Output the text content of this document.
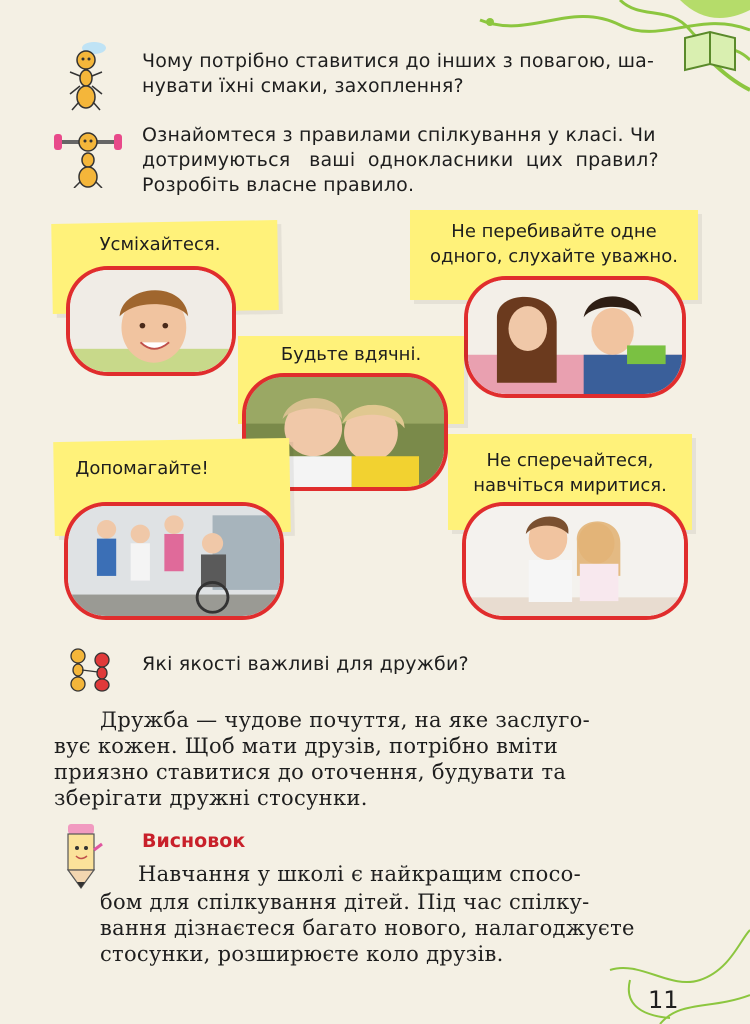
Чому потрібно ставитися до інших з повагою, ша-
нувати їхні смаки, захоплення?
Ознайомтеся з правилами спілкування у класі. Чи
дотримуються   ваші  однокласники  цих  правил?
Розробіть власне правило.
Усміхайтеся.
Не перебивайте одне
одного, слухайте уважно.
Будьте вдячні.
Допомагайте!	Не сперечайтеся,
навчіться миритися.
Які якості важливі для дружби?
Дружба — чудове почуття, на яке заслуго-
вує кожен. Щоб мати друзів, потрібно вміти
приязно ставитися до оточення, будувати та
зберігати дружні стосунки.
Висновок
Навчання у школі є найкращим спосо-
бом для спілкування дітей. Під час спілку-
вання дізнаєтеся багато нового, налагоджуєте
стосунки, розширюєте коло друзів.
11
